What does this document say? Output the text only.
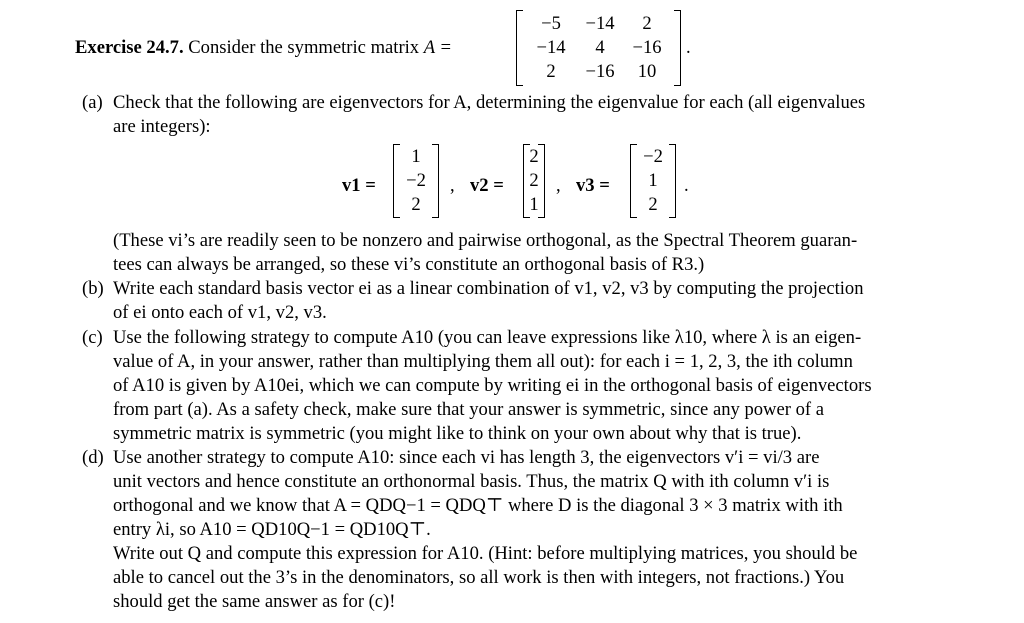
Exercise 24.7. Consider the symmetric matrix A =
−5	−14	2
−14	4	−16
2	−16	10
.
(a) Check that the following are eigenvectors for A, determining the eigenvalue for each (all eigenvalues
are integers):
v1 =
1
−2
2
, v2 =
2
2
1
, v3 =
−2
1
2
.
(These vi’s are readily seen to be nonzero and pairwise orthogonal, as the Spectral Theorem guaran-
tees can always be arranged, so these vi’s constitute an orthogonal basis of R3.)
(b) Write each standard basis vector ei as a linear combination of v1, v2, v3 by computing the projection
of ei onto each of v1, v2, v3.
(c) Use the following strategy to compute A10 (you can leave expressions like λ10, where λ is an eigen-
value of A, in your answer, rather than multiplying them all out): for each i = 1, 2, 3, the ith column
of A10 is given by A10ei, which we can compute by writing ei in the orthogonal basis of eigenvectors
from part (a). As a safety check, make sure that your answer is symmetric, since any power of a
symmetric matrix is symmetric (you might like to think on your own about why that is true).
(d) Use another strategy to compute A10: since each vi has length 3, the eigenvectors v′i = vi/3 are
unit vectors and hence constitute an orthonormal basis. Thus, the matrix Q with ith column v′i is
orthogonal and we know that A = QDQ−1 = QDQ⊤ where D is the diagonal 3 × 3 matrix with ith
entry λi, so A10 = QD10Q−1 = QD10Q⊤.
Write out Q and compute this expression for A10. (Hint: before multiplying matrices, you should be
able to cancel out the 3’s in the denominators, so all work is then with integers, not fractions.) You
should get the same answer as for (c)!
